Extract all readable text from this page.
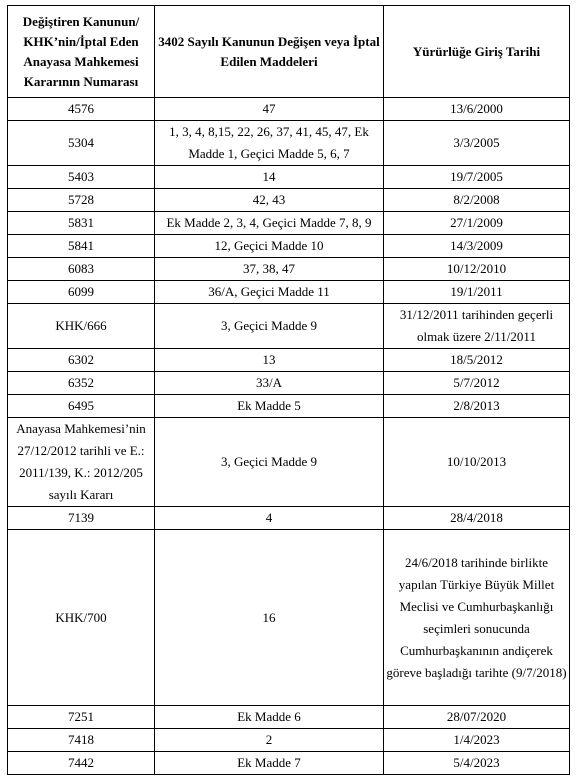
Değiştiren Kanunun/ KHK’nin/İptal Eden Anayasa Mahkemesi Kararının Numarası	3402 Sayılı Kanunun Değişen veya İptal Edilen Maddeleri	Yürürlüğe Giriş Tarihi
4576	47	13/6/2000
5304	1, 3, 4, 8,15, 22, 26, 37, 41, 45, 47, Ek Madde 1, Geçici Madde 5, 6, 7	3/3/2005
5403	14	19/7/2005
5728	42, 43	8/2/2008
5831	Ek Madde 2, 3, 4, Geçici Madde 7, 8, 9	27/1/2009
5841	12, Geçici Madde 10	14/3/2009
6083	37, 38, 47	10/12/2010
6099	36/A, Geçici Madde 11	19/1/2011
KHK/666	3, Geçici Madde 9	31/12/2011 tarihinden geçerli olmak üzere 2/11/2011
6302	13	18/5/2012
6352	33/A	5/7/2012
6495	Ek Madde 5	2/8/2013
Anayasa Mahkemesi’nin 27/12/2012 tarihli ve E.: 2011/139, K.: 2012/205 sayılı Kararı	3, Geçici Madde 9	10/10/2013
7139	4	28/4/2018
KHK/700	16	24/6/2018 tarihinde birlikte yapılan Türkiye Büyük Millet Meclisi ve Cumhurbaşkanlığı seçimleri sonucunda Cumhurbaşkanının andiçerek göreve başladığı tarihte (9/7/2018)
7251	Ek Madde 6	28/07/2020
7418	2	1/4/2023
7442	Ek Madde 7	5/4/2023
